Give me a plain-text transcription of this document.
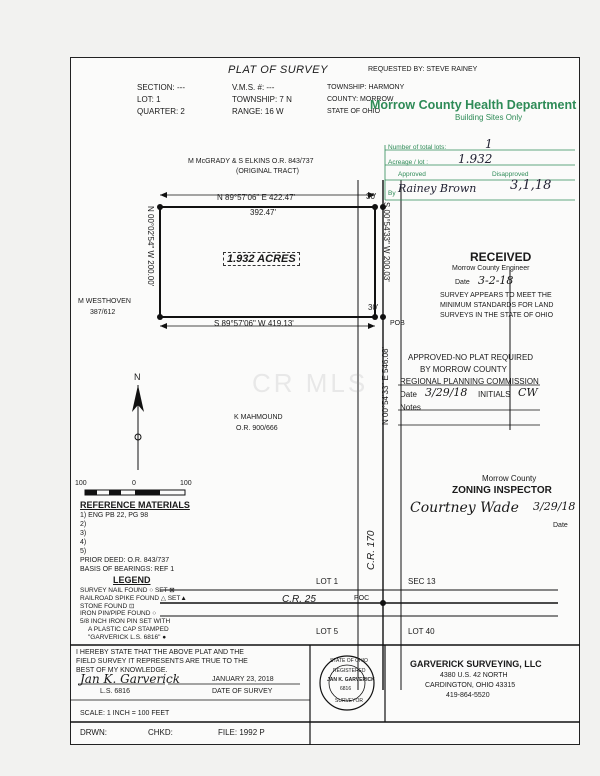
CR MLS
PLAT OF SURVEY	REQUESTED BY: STEVE RAINEY
SECTION: ---	V.M.S. #: ---	TOWNSHIP: HARMONY
LOT: 1	TOWNSHIP: 7 N	COUNTY: MORROW
QUARTER: 2	RANGE: 16 W	STATE OF OHIO
Morrow County Health Department
Building Sites Only
Number of total lots:	1
Acreage / lot : 1.932
Approved	Disapproved
By Rainey Brown	3,1,18
M McGRADY & S ELKINS O.R. 843/737
(ORIGINAL TRACT)
N 89°57'06" E 422.47'
392.47'
1.932 ACRES
N 00°02'54" W 200.00'	S 00°54'33" W 200.03'
S 89°57'06" W 419.13'
M WESTHOVEN
387/612
30'
30'
POB
K MAHMOUND
O.R. 900/666
N 00°54'33" E 546.08'
C.R. 170
C.R. 25	POC
LOT 1	SEC 13
LOT 5	LOT 40
N
100	0	100
RECEIVED
Morrow County Engineer
Date 3-2-18
SURVEY APPEARS TO MEET THE
MINIMUM STANDARDS FOR LAND
SURVEYS IN THE STATE OF OHIO
APPROVED-NO PLAT REQUIRED
BY MORROW COUNTY
REGIONAL PLANNING COMMISSION
Date 3/29/18 INITIALS CW
Notes
Morrow County
ZONING INSPECTOR
Courtney Wade 3/29/18
Date
REFERENCE MATERIALS
1) ENG PB 22, PG 98
2)
3)
4)
5)
PRIOR DEED: O.R. 843/737
BASIS OF BEARINGS: REF 1
LEGEND
SURVEY NAIL FOUND ○ SET ⊠
RAILROAD SPIKE FOUND △ SET▲
STONE FOUND ⊡
IRON PIN/PIPE FOUND ○
5/8 INCH IRON PIN SET WITH
A PLASTIC CAP STAMPED
"GARVERICK L.S. 6816" ●
I HEREBY STATE THAT THE ABOVE PLAT AND THE
FIELD SURVEY IT REPRESENTS ARE TRUE TO THE
BEST OF MY KNOWLEDGE.
Jan K. Garverick
L.S. 6816
JANUARY 23, 2018
DATE OF SURVEY
STATE OF OHIO
REGISTERED
JAN K. GARVERICK
6816
SURVEYOR
GARVERICK SURVEYING, LLC
4380 U.S. 42 NORTH
CARDINGTON, OHIO 43315
419-864-5520
DRWN:	CHKD:	FILE: 1992 P
SCALE: 1 INCH = 100 FEET
